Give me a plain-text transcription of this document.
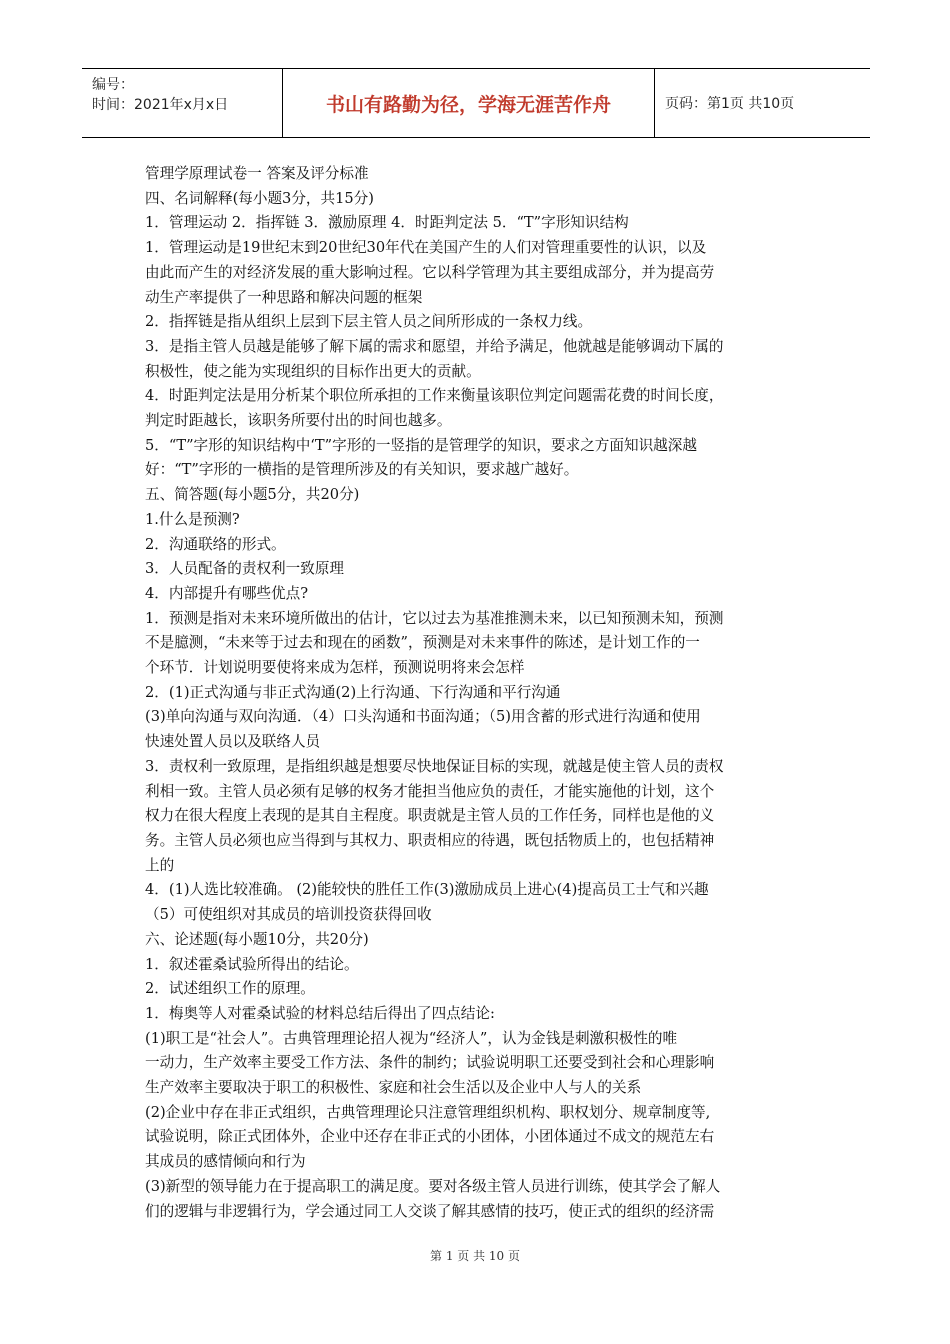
编号：
时间：2021年x月x日	书山有路勤为径，学海无涯苦作舟	页码：第1页 共10页
管理学原理试卷一 答案及评分标准
四、名词解释(每小题3分，共15分)
1．管理运动 2．指挥链 3．激励原理 4．时距判定法 5．“T”字形知识结构
1．管理运动是19世纪末到20世纪30年代在美国产生的人们对管理重要性的认识，以及
由此而产生的对经济发展的重大影响过程。它以科学管理为其主要组成部分，并为提高劳
动生产率提供了一种思路和解决问题的框架
2．指挥链是指从组织上层到下层主管人员之间所形成的一条权力线。
3．是指主管人员越是能够了解下属的需求和愿望，并给予满足，他就越是能够调动下属的
积极性，使之能为实现组织的目标作出更大的贡献。
4．时距判定法是用分析某个职位所承担的工作来衡量该职位判定问题需花费的时间长度，
判定时距越长，该职务所要付出的时间也越多。
5．“T”字形的知识结构中‘T”字形的一竖指的是管理学的知识，要求之方面知识越深越
好：“T”字形的一横指的是管理所涉及的有关知识，要求越广越好。
五、简答题(每小题5分，共20分)
1.什么是预测?
2．沟通联络的形式。
3．人员配备的责权利一致原理
4．内部提升有哪些优点?
1．预测是指对未来环境所做出的估计，它以过去为基准推测未来，以已知预测未知，预测
不是臆测，“未来等于过去和现在的函数”，预测是对未来事件的陈述，是计划工作的一
个环节．计划说明要使将来成为怎样，预测说明将来会怎样
2．(1)正式沟通与非正式沟通(2)上行沟通、下行沟通和平行沟通
(3)单向沟通与双向沟通．（4）口头沟通和书面沟通；（5)用含蓄的形式进行沟通和使用
快速处置人员以及联络人员
3．责权利一致原理，是指组织越是想要尽快地保证目标的实现，就越是使主管人员的责权
利相一致。主管人员必须有足够的权务才能担当他应负的责任，才能实施他的计划，这个
权力在很大程度上表现的是其自主程度。职责就是主管人员的工作任务，同样也是他的义
务。主管人员必须也应当得到与其权力、职责相应的待遇，既包括物质上的，也包括精神
上的
4．(1)人选比较准确。 (2)能较快的胜任工作(3)激励成员上进心(4)提高员工士气和兴趣
（5）可使组织对其成员的培训投资获得回收
六、论述题(每小题10分，共20分)
1．叙述霍桑试验所得出的结论。
2．试述组织工作的原理。
1．梅奥等人对霍桑试验的材料总结后得出了四点结论:
(1)职工是“社会人”。古典管理理论招人视为“经济人”，认为金钱是刺激积极性的唯
一动力，生产效率主要受工作方法、条件的制约；试验说明职工还要受到社会和心理影响
生产效率主要取决于职工的积极性、家庭和社会生活以及企业中人与人的关系
(2)企业中存在非正式组织，古典管理理论只注意管理组织机构、职权划分、规章制度等,
试验说明，除正式团体外，企业中还存在非正式的小团体，小团体通过不成文的规范左右
其成员的感情倾向和行为
(3)新型的领导能力在于提高职工的满足度。要对各级主管人员进行训练，使其学会了解人
们的逻辑与非逻辑行为，学会通过同工人交谈了解其感情的技巧，使正式的组织的经济需
第 1 页 共 10 页
